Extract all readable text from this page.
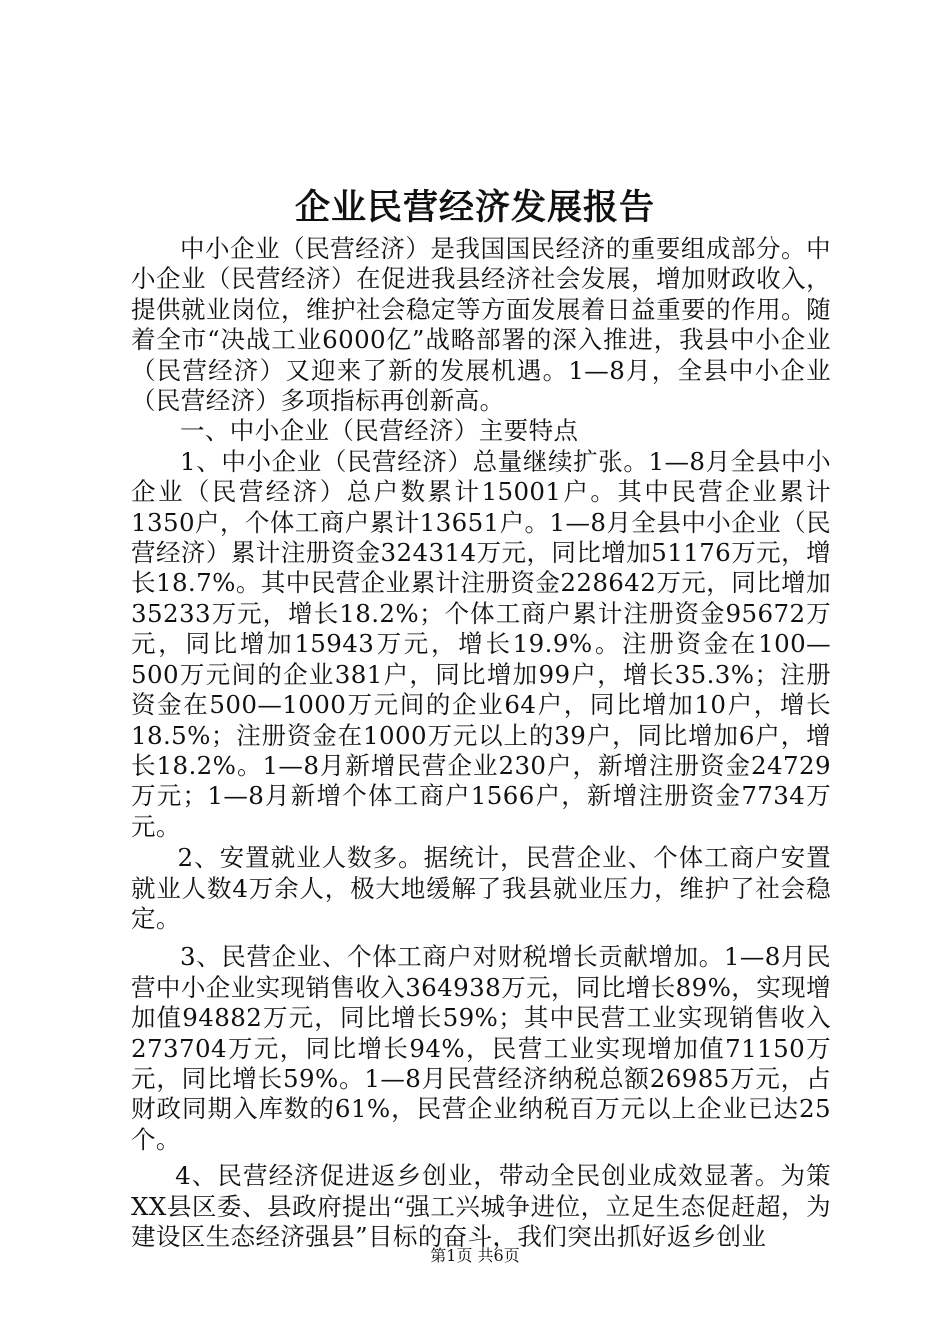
企业民营经济发展报告

中小企业（民营经济）是我国国民经济的重要组成部分。中小企业（民营经济）在促进我县经济社会发展，增加财政收入，提供就业岗位，维护社会稳定等方面发展着日益重要的作用。随着全市“决战工业6000亿”战略部署的深入推进，我县中小企业（民营经济）又迎来了新的发展机遇。1—8月，全县中小企业（民营经济）多项指标再创新高。

一、中小企业（民营经济）主要特点

1、中小企业（民营经济）总量继续扩张。1—8月全县中小企业（民营经济）总户数累计15001户。其中民营企业累计1350户，个体工商户累计13651户。1—8月全县中小企业（民营经济）累计注册资金324314万元，同比增加51176万元，增长18.7%。其中民营企业累计注册资金228642万元，同比增加35233万元，增长18.2%；个体工商户累计注册资金95672万元，同比增加15943万元，增长19.9%。注册资金在100—500万元间的企业381户，同比增加99户，增长35.3%；注册资金在500—1000万元间的企业64户，同比增加10户，增长18.5%；注册资金在1000万元以上的39户，同比增加6户，增长18.2%。1—8月新增民营企业230户，新增注册资金24729万元；1—8月新增个体工商户1566户，新增注册资金7734万元。

2、安置就业人数多。据统计，民营企业、个体工商户安置就业人数4万余人，极大地缓解了我县就业压力，维护了社会稳定。

3、民营企业、个体工商户对财税增长贡献增加。1—8月民营中小企业实现销售收入364938万元，同比增长89%，实现增加值94882万元，同比增长59%；其中民营工业实现销售收入273704万元，同比增长94%，民营工业实现增加值71150万元，同比增长59%。1—8月民营经济纳税总额26985万元，占财政同期入库数的61%，民营企业纳税百万元以上企业已达25个。

4、民营经济促进返乡创业，带动全民创业成效显著。为策XX县区委、县政府提出“强工兴城争进位，立足生态促赶超，为建设区生态经济强县”目标的奋斗，我们突出抓好返乡创业

第1页 共6页
